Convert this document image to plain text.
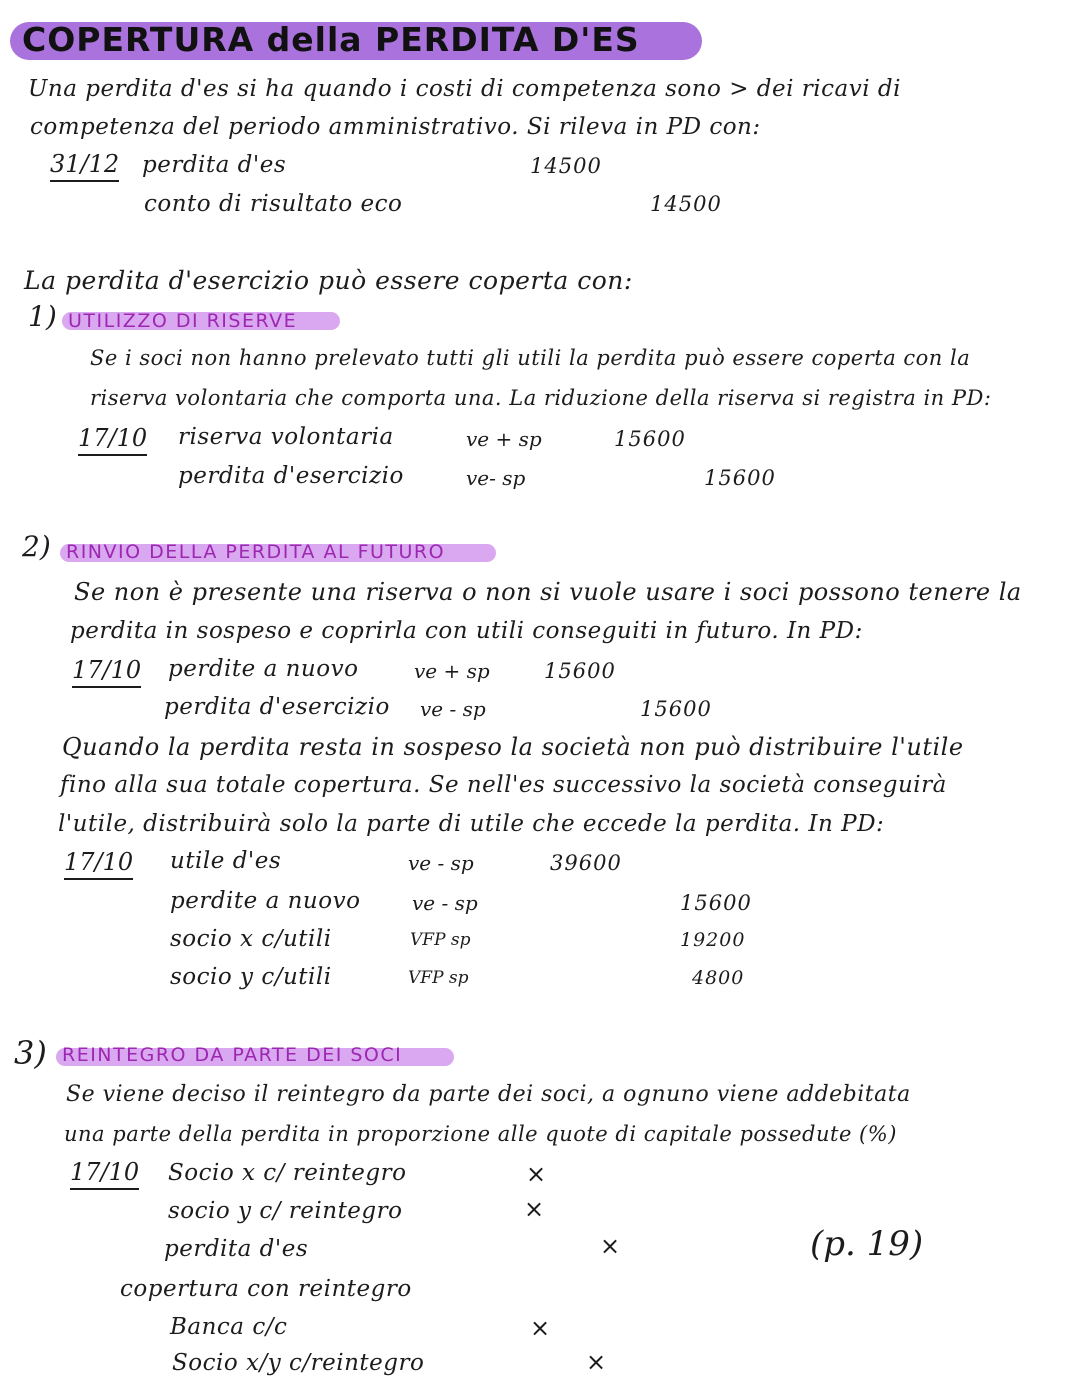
COPERTURA della PERDITA D'ES
Una perdita d'es si ha quando i costi di competenza sono > dei ricavi di
competenza del periodo amministrativo. Si rileva in PD con:
31/12 perdita d'es	14500
conto di risultato eco	14500
La perdita d'esercizio può essere coperta con:
1) UTILIZZO DI RISERVE
Se i soci non hanno prelevato tutti gli utili la perdita può essere coperta con la
riserva volontaria che comporta una. La riduzione della riserva si registra in PD:
17/10 riserva volontaria	ve + sp	15600
perdita d'esercizio	ve- sp	15600
2) RINVIO DELLA PERDITA AL FUTURO
Se non è presente una riserva o non si vuole usare i soci possono tenere la
perdita in sospeso e coprirla con utili conseguiti in futuro. In PD:
17/10 perdite a nuovo	ve + sp	15600
perdita d'esercizio ve - sp	15600
Quando la perdita resta in sospeso la società non può distribuire l'utile
fino alla sua totale copertura. Se nell'es successivo la società conseguirà
l'utile, distribuirà solo la parte di utile che eccede la perdita. In PD:
17/10 utile d'es	ve - sp	39600
perdite a nuovo	ve - sp	15600
socio x c/utili	VFP sp	19200
socio y c/utili	VFP sp	4800
3) REINTEGRO DA PARTE DEI SOCI
Se viene deciso il reintegro da parte dei soci, a ognuno viene addebitata
una parte della perdita in proporzione alle quote di capitale possedute (%)
17/10 Socio x c/ reintegro	×
socio y c/ reintegro	×
perdita d'es	×	(p. 19)
copertura con reintegro
Banca c/c	×
Socio x/y c/reintegro	×
